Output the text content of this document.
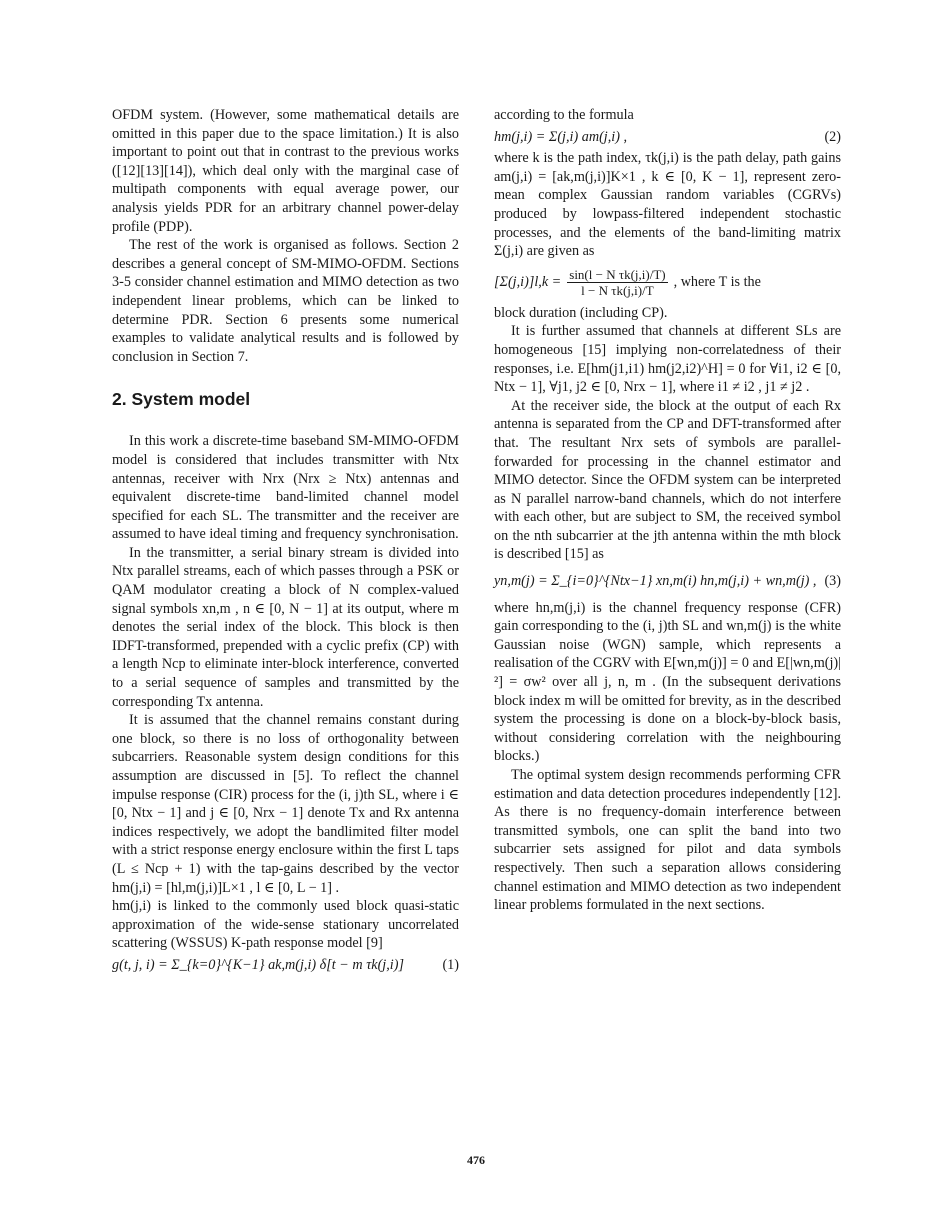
OFDM system. (However, some mathematical details are omitted in this paper due to the space limitation.) It is also important to point out that in contrast to the previous works ([12][13][14]), which deal only with the marginal case of multipath components with equal average power, our analysis yields PDR for an arbitrary channel power-delay profile (PDP).

The rest of the work is organised as follows. Section 2 describes a general concept of SM-MIMO-OFDM. Sections 3-5 consider channel estimation and MIMO detection as two independent linear problems, which can be linked to determine PDR. Section 6 presents some numerical examples to validate analytical results and is followed by conclusion in Section 7.

2. System model

In this work a discrete-time baseband SM-MIMO-OFDM model is considered that includes transmitter with Ntx antennas, receiver with Nrx (Nrx ≥ Ntx) antennas and equivalent discrete-time band-limited channel model specified for each SL. The transmitter and the receiver are assumed to have ideal timing and frequency synchronisation.

In the transmitter, a serial binary stream is divided into Ntx parallel streams, each of which passes through a PSK or QAM modulator creating a block of N complex-valued signal symbols xn,m , n ∈ [0, N − 1] at its output, where m denotes the serial index of the block. This block is then IDFT-transformed, prepended with a cyclic prefix (CP) with a length Ncp to eliminate inter-block interference, converted to a serial sequence of samples and transmitted by the corresponding Tx antenna.

It is assumed that the channel remains constant during one block, so there is no loss of orthogonality between subcarriers. Reasonable system design conditions for this assumption are discussed in [5]. To reflect the channel impulse response (CIR) process for the (i, j)th SL, where i ∈ [0, Ntx − 1] and j ∈ [0, Nrx − 1] denote Tx and Rx antenna indices respectively, we adopt the bandlimited filter model with a strict response energy enclosure within the first L taps (L ≤ Ncp + 1) with the tap-gains described by the vector hm(j,i) = [hl,m(j,i)]L×1 , l ∈ [0, L − 1] .

hm(j,i) is linked to the commonly used block quasi-static approximation of the wide-sense stationary uncorrelated scattering (WSSUS) K-path response model [9]

g(t, j, i) = Σ_{k=0}^{K−1} ak,m(j,i) δ[t − m τk(j,i)]	(1)

according to the formula

hm(j,i) = Σ(j,i) am(j,i) ,	(2)

where k is the path index, τk(j,i) is the path delay, path gains am(j,i) = [ak,m(j,i)]K×1 , k ∈ [0, K − 1], represent zero-mean complex Gaussian random variables (CGRVs) produced by lowpass-filtered independent stochastic processes, and the elements of the band-limiting matrix Σ(j,i) are given as

$[\Sigma(j,i)]l,k = \frac{\text{sin(l − N τk(j,i)/T)}}{\text{l − N τk(j,i)/T}}$ , where T is the

block duration (including CP).

It is further assumed that channels at different SLs are homogeneous [15] implying non-correlatedness of their responses, i.e. E[hm(j1,i1) hm(j2,i2)^H] = 0 for ∀i1, i2 ∈ [0, Ntx − 1], ∀j1, j2 ∈ [0, Nrx − 1], where i1 ≠ i2 , j1 ≠ j2 .

At the receiver side, the block at the output of each Rx antenna is separated from the CP and DFT-transformed after that. The resultant Nrx sets of symbols are parallel-forwarded for processing in the channel estimator and MIMO detector. Since the OFDM system can be interpreted as N parallel narrow-band channels, which do not interfere with each other, but are subject to SM, the received symbol on the nth subcarrier at the jth antenna within the mth block is described [15] as

yn,m(j) = Σ_{i=0}^{Ntx−1} xn,m(i) hn,m(j,i) + wn,m(j) , (3)

where hn,m(j,i) is the channel frequency response (CFR) gain corresponding to the (i, j)th SL and wn,m(j) is the white Gaussian noise (WGN) sample, which represents a realisation of the CGRV with E[wn,m(j)] = 0 and E[|wn,m(j)|²] = σw² over all j, n, m . (In the subsequent derivations block index m will be omitted for brevity, as in the described system the processing is done on a block-by-block basis, without considering correlation with the neighbouring blocks.)

The optimal system design recommends performing CFR estimation and data detection procedures independently [12]. As there is no frequency-domain interference between transmitted symbols, one can split the band into two subcarrier sets assigned for pilot and data symbols respectively. Then such a separation allows considering channel estimation and MIMO detection as two independent linear problems formulated in the next sections.

476
